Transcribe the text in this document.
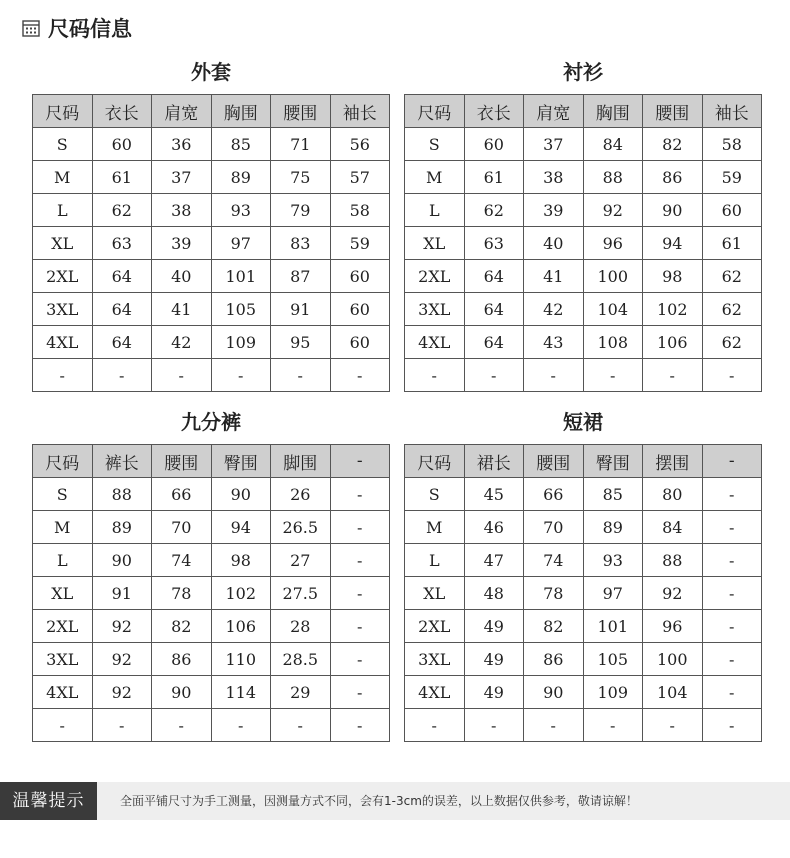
尺码信息
外套
尺码	衣长	肩宽	胸围	腰围	袖长
S	60	36	85	71	56
M	61	37	89	75	57
L	62	38	93	79	58
XL	63	39	97	83	59
2XL	64	40	101	87	60
3XL	64	41	105	91	60
4XL	64	42	109	95	60
-	-	-	-	-	-
衬衫
尺码	衣长	肩宽	胸围	腰围	袖长
S	60	37	84	82	58
M	61	38	88	86	59
L	62	39	92	90	60
XL	63	40	96	94	61
2XL	64	41	100	98	62
3XL	64	42	104	102	62
4XL	64	43	108	106	62
-	-	-	-	-	-
九分裤
尺码	裤长	腰围	臀围	脚围	-
S	88	66	90	26	-
M	89	70	94	26.5	-
L	90	74	98	27	-
XL	91	78	102	27.5	-
2XL	92	82	106	28	-
3XL	92	86	110	28.5	-
4XL	92	90	114	29	-
-	-	-	-	-	-
短裙
尺码	裙长	腰围	臀围	摆围	-
S	45	66	85	80	-
M	46	70	89	84	-
L	47	74	93	88	-
XL	48	78	97	92	-
2XL	49	82	101	96	-
3XL	49	86	105	100	-
4XL	49	90	109	104	-
-	-	-	-	-	-
温馨提示	全面平铺尺寸为手工测量，因测量方式不同，会有1-3cm的误差，以上数据仅供参考，敬请谅解！
